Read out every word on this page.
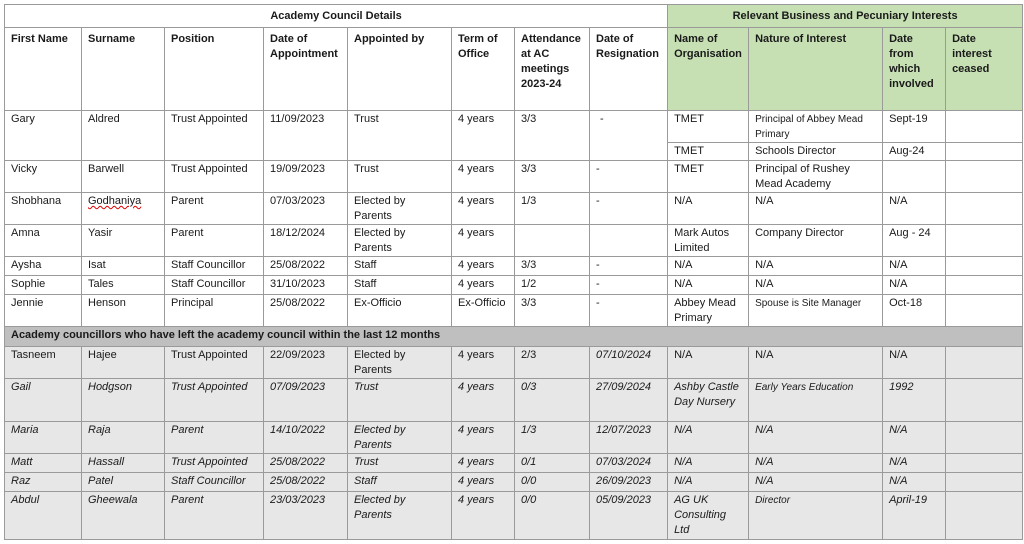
Academy Council Details								Relevant Business and Pecuniary Interests			
First Name	Surname	Position	Date of Appointment	Appointed by	Term of Office	Attendance at AC meetings 2023-24	Date of Resignation	Name of Organisation	Nature of Interest	Date from which involved	Date interest ceased
Gary	Aldred	Trust Appointed	11/09/2023	Trust	4 years	3/3	-	TMET	Principal of Abbey Mead Primary	Sept-19	
								TMET	Schools Director	Aug-24	
Vicky	Barwell	Trust Appointed	19/09/2023	Trust	4 years	3/3	-	TMET	Principal of Rushey Mead Academy		
Shobhana	Godhaniya	Parent	07/03/2023	Elected by Parents	4 years	1/3	-	N/A	N/A	N/A	
Amna	Yasir	Parent	18/12/2024	Elected by Parents	4 years			Mark Autos Limited	Company Director	Aug - 24	
Aysha	Isat	Staff Councillor	25/08/2022	Staff	4 years	3/3	-	N/A	N/A	N/A	
Sophie	Tales	Staff Councillor	31/10/2023	Staff	4 years	1/2	-	N/A	N/A	N/A	
Jennie	Henson	Principal	25/08/2022	Ex-Officio	Ex-Officio	3/3	-	Abbey Mead Primary	Spouse is Site Manager	Oct-18	
Academy councillors who have left the academy council within the last 12 months											
Tasneem	Hajee	Trust Appointed	22/09/2023	Elected by Parents	4 years	2/3	07/10/2024	N/A	N/A	N/A	
Gail	Hodgson	Trust Appointed	07/09/2023	Trust	4 years	0/3	27/09/2024	Ashby Castle Day Nursery	Early Years Education	1992	
Maria	Raja	Parent	14/10/2022	Elected by Parents	4 years	1/3	12/07/2023	N/A	N/A	N/A	
Matt	Hassall	Trust Appointed	25/08/2022	Trust	4 years	0/1	07/03/2024	N/A	N/A	N/A	
Raz	Patel	Staff Councillor	25/08/2022	Staff	4 years	0/0	26/09/2023	N/A	N/A	N/A	
Abdul	Gheewala	Parent	23/03/2023	Elected by Parents	4 years	0/0	05/09/2023	AG UK Consulting Ltd	Director	April-19	
